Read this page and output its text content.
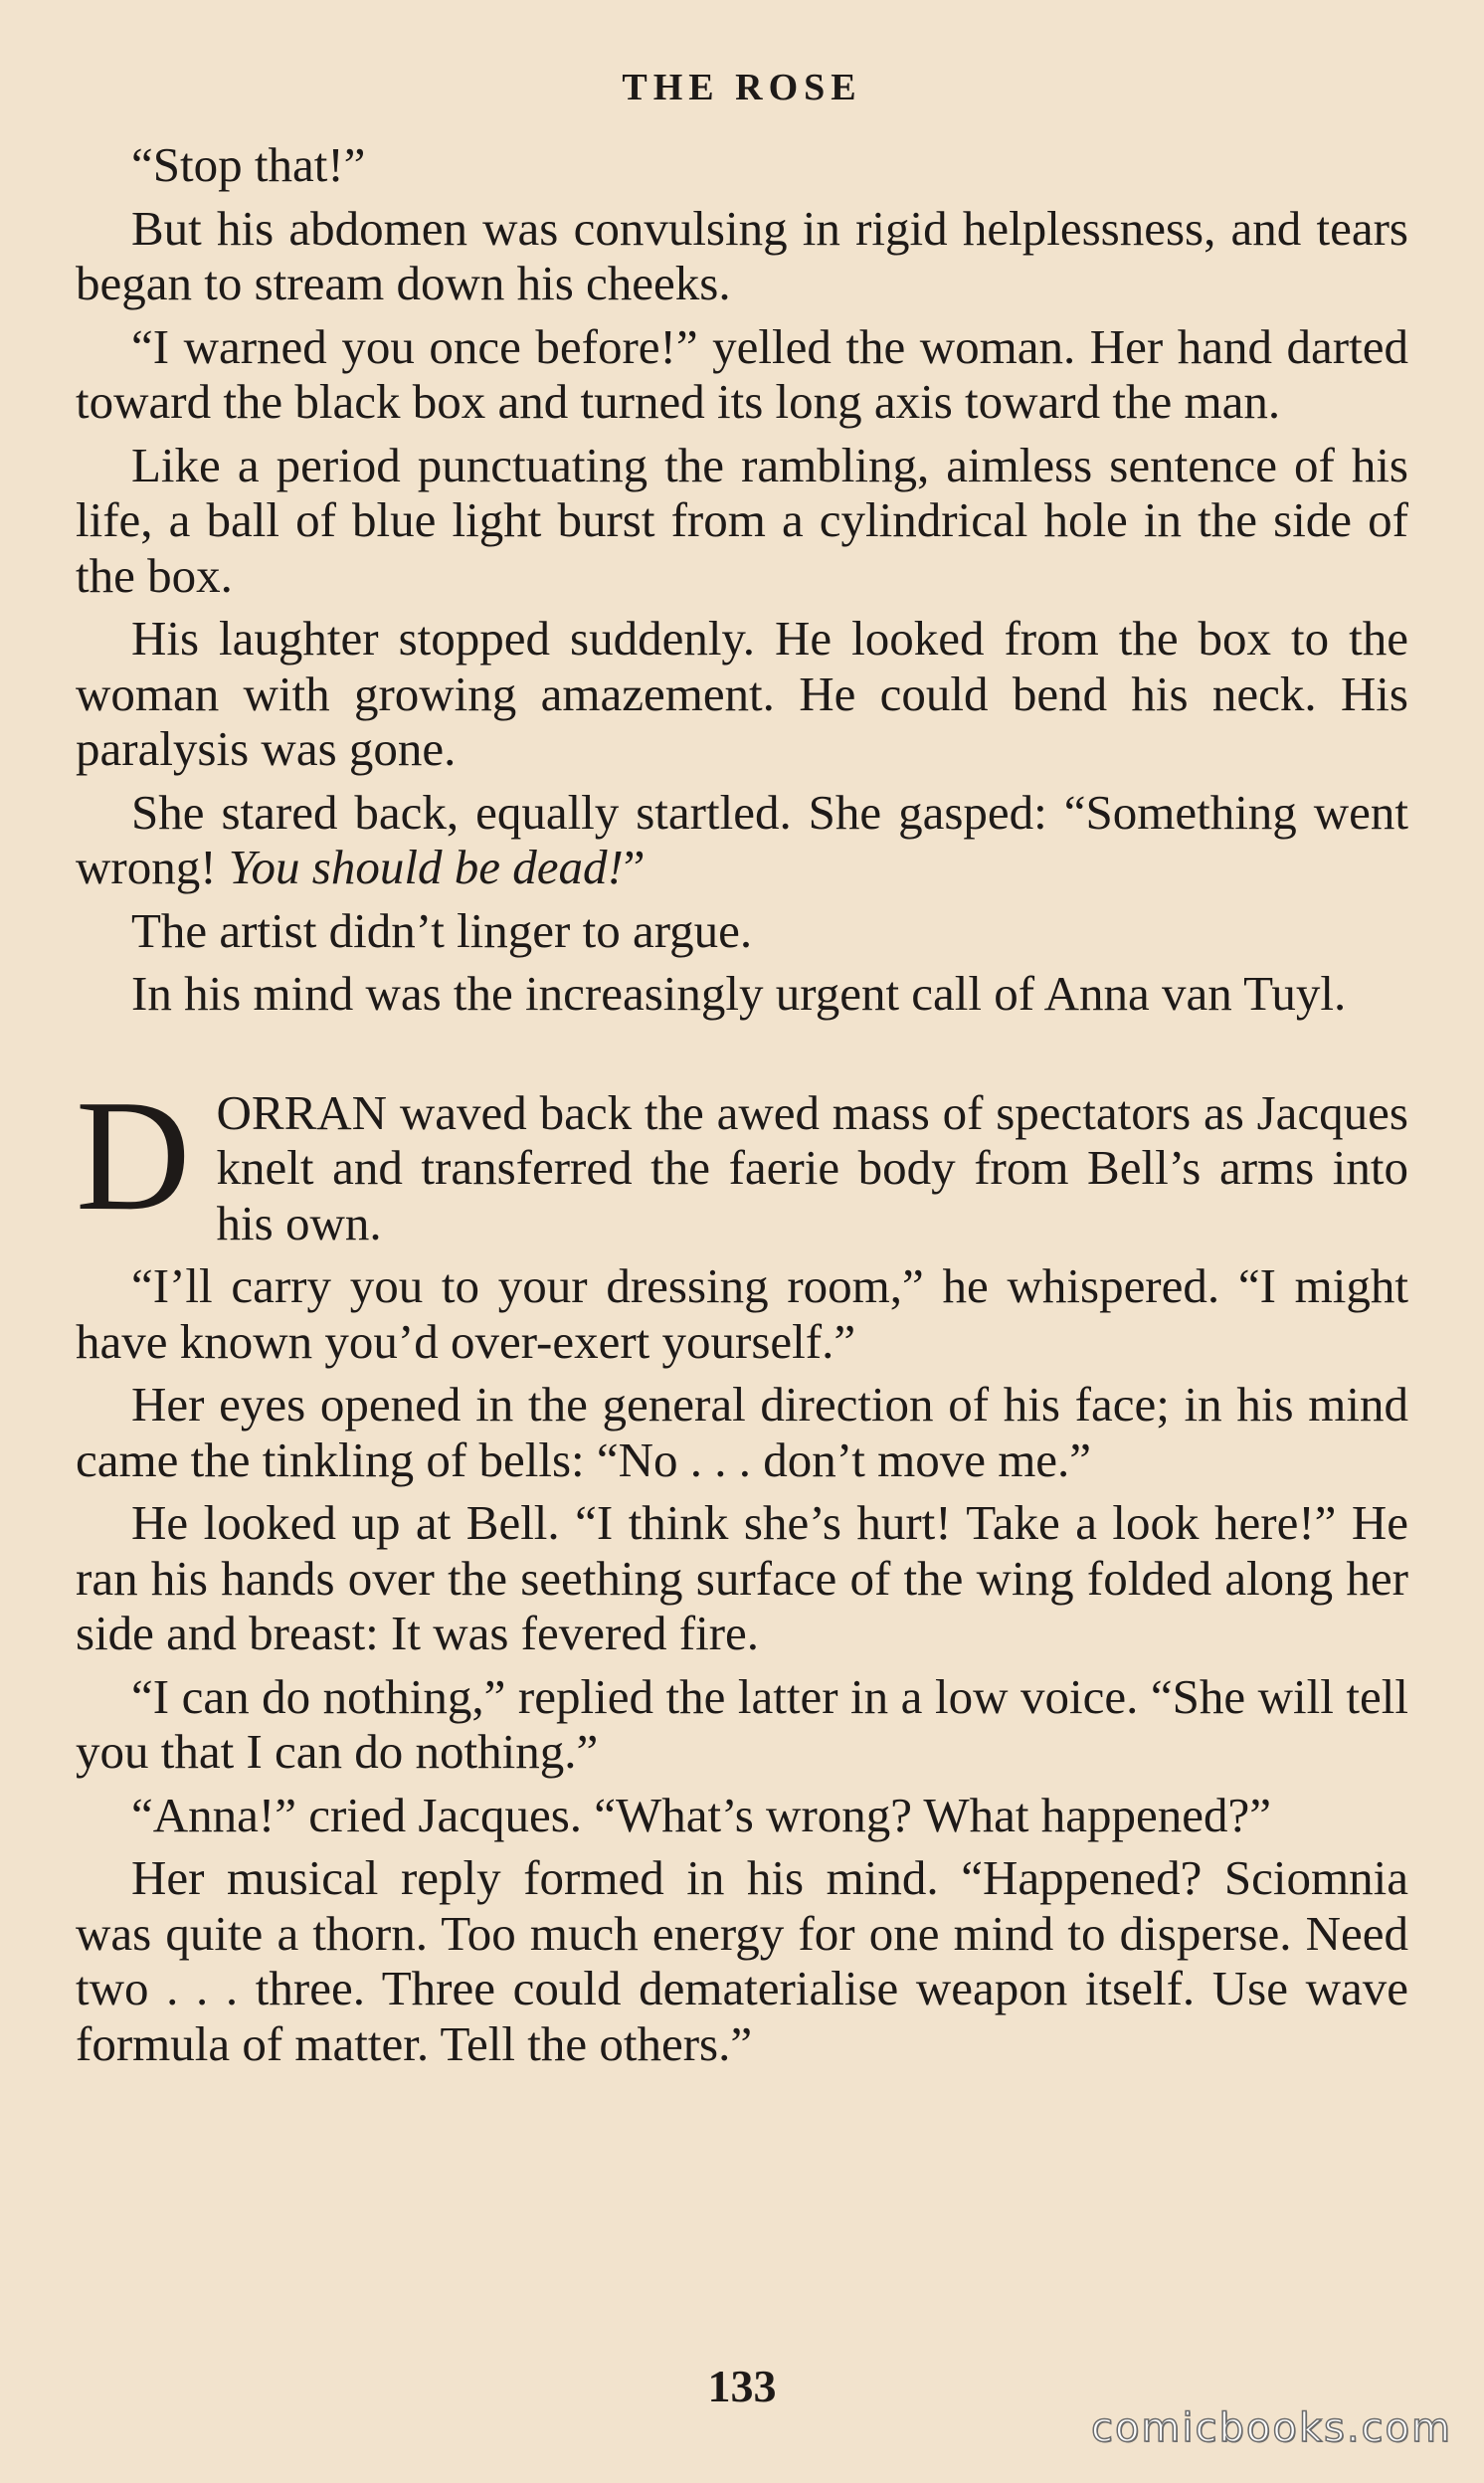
THE ROSE

“Stop that!”

But his abdomen was convulsing in rigid helplessness, and tears began to stream down his cheeks.

“I warned you once before!” yelled the woman. Her hand darted toward the black box and turned its long axis toward the man.

Like a period punctuating the rambling, aimless sentence of his life, a ball of blue light burst from a cylindrical hole in the side of the box.

His laughter stopped suddenly. He looked from the box to the woman with growing amazement. He could bend his neck. His paralysis was gone.

She stared back, equally startled. She gasped: “Something went wrong! You should be dead!”

The artist didn’t linger to argue.

In his mind was the increasingly urgent call of Anna van Tuyl.

DORRAN waved back the awed mass of spectators as Jacques knelt and transferred the faerie body from Bell’s arms into his own.

“I’ll carry you to your dressing room,” he whispered. “I might have known you’d over-exert yourself.”

Her eyes opened in the general direction of his face; in his mind came the tinkling of bells: “No . . . don’t move me.”

He looked up at Bell. “I think she’s hurt! Take a look here!” He ran his hands over the seething surface of the wing folded along her side and breast: It was fevered fire.

“I can do nothing,” replied the latter in a low voice. “She will tell you that I can do nothing.”

“Anna!” cried Jacques. “What’s wrong? What happened?”

Her musical reply formed in his mind. “Happened? Sciomnia was quite a thorn. Too much energy for one mind to disperse. Need two . . . three. Three could dematerialise weapon itself. Use wave formula of matter. Tell the others.”

133
comicbooks.com
